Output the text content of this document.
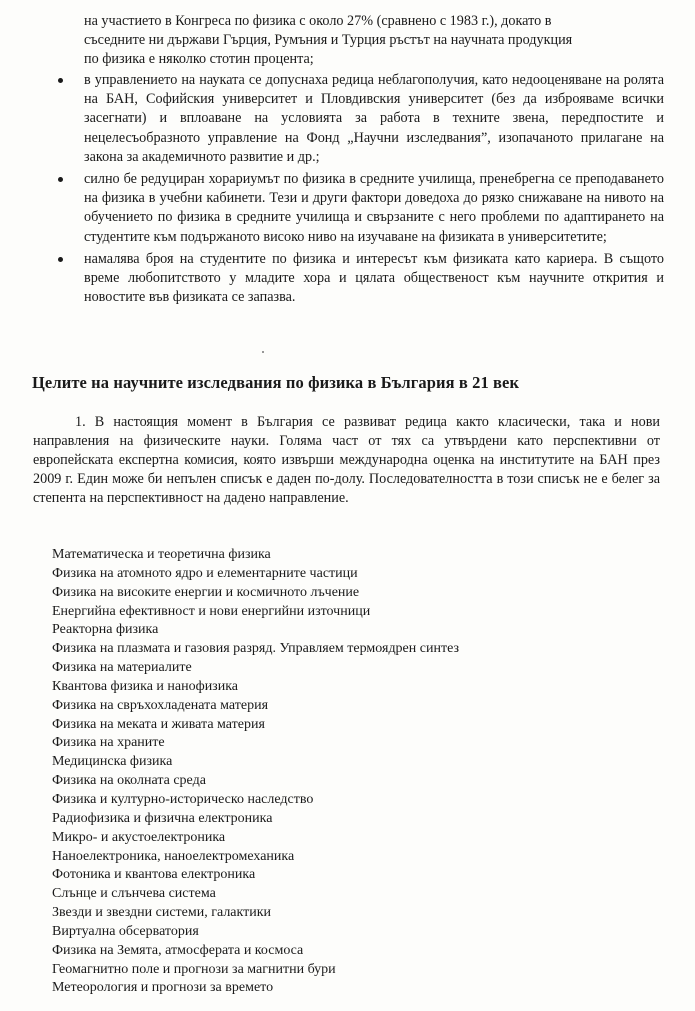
на участието в Конгреса по физика с около 27% (сравнено с 1983 г.), докато в
съседните ни държави Гърция, Румъния и Турция ръстът на научната продукция
по физика е няколко стотин процента;
в управлението на науката се допуснаха редица неблагополучия, като недооценяване на ролята на БАН, Софийския университет и Пловдивския университет (без да изброяваме всички засегнати) и вплоаване на условията за работа в техните звена, передпостите и нецелесъобразното управление на Фонд „Научни изследвания”, изопачаното прилагане на закона за академичното развитие и др.;
силно бе редуциран хорариумът по физика в средните училища, пренебрегна се преподаването на физика в учебни кабинети. Тези и други фактори доведоха до рязко снижаване на нивото на обучението по физика в средните училища и свързаните с него проблеми по адаптирането на студентите към подържаното високо ниво на изучаване на физиката в университетите;
намалява броя на студентите по физика и интересът към физиката като кариера. В същото време любопитството у младите хора и цялата общественост към научните открития и новостите във физиката се запазва.
Целите на научните изследвания по физика в България в 21 век

1. В настоящия момент в България се развиват редица както класически, така и нови направления на физическите науки. Голяма част от тях са утвърдени като перспективни от европейската експертна комисия, която извърши международна оценка на институтите на БАН през 2009 г. Един може би непълен списък е даден по-долу. Последователността в този списък не е белег за степента на перспективност на дадено направление.

Математическа и теоретична физика
Физика на атомното ядро и елементарните частици
Физика на високите енергии и космичното лъчение
Енергийна ефективност и нови енергийни източници
Реакторна физика
Физика на плазмата и газовия разряд. Управляем термоядрен синтез
Физика на материалите
Квантова физика и нанофизика
Физика на свръхохладената материя
Физика на меката и живата материя
Физика на храните
Медицинска физика
Физика на околната среда
Физика и културно-историческо наследство
Радиофизика и физична електроника
Микро- и акустоелектроника
Наноелектроника, наноелектромеханика
Фотоника и квантова електроника
Слънце и слънчева система
Звезди и звездни системи, галактики
Виртуална обсерватория
Физика на Земята, атмосферата и космоса
Геомагнитно поле и прогнози за магнитни бури
Метеорология и прогнози за времето
